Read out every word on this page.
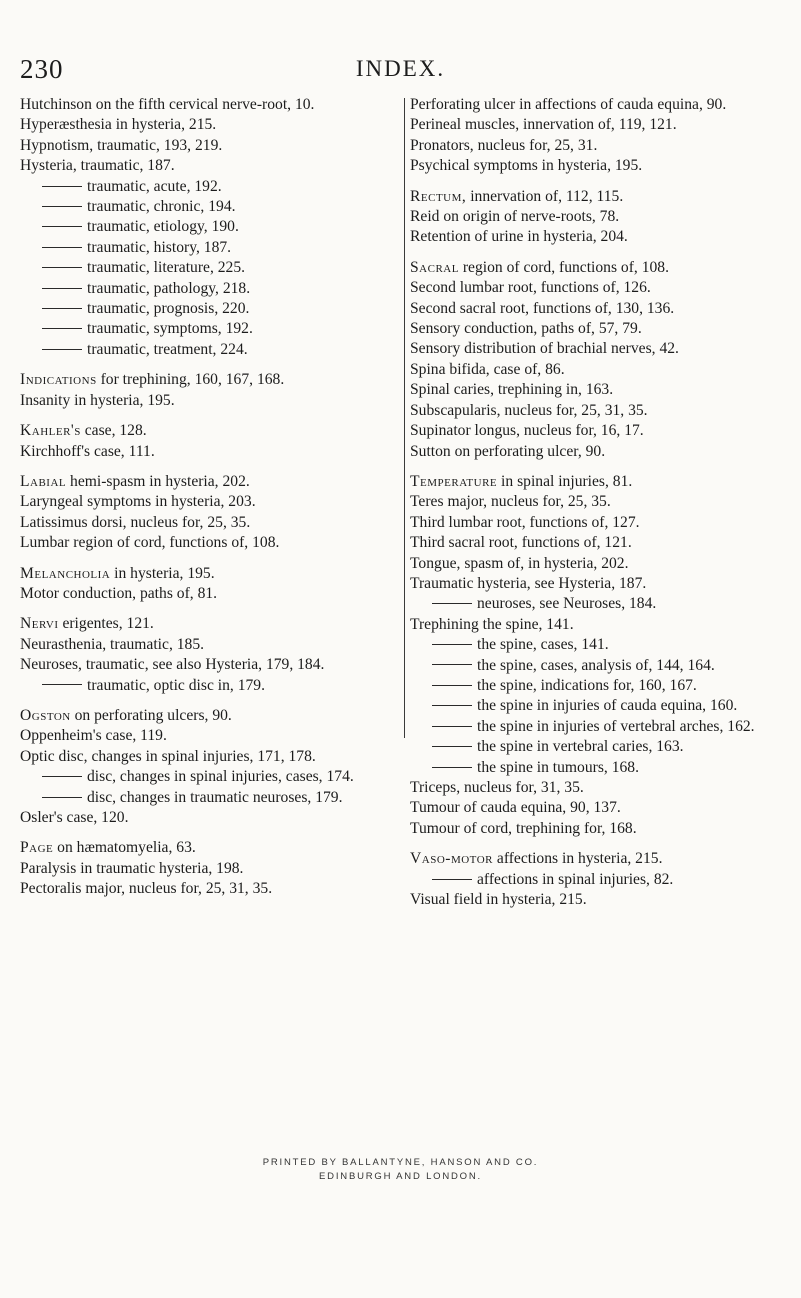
230	INDEX.
Hutchinson on the fifth cervical nerve-root, 10.
Hyperæsthesia in hysteria, 215.
Hypnotism, traumatic, 193, 219.
Hysteria, traumatic, 187.
traumatic, acute, 192.
traumatic, chronic, 194.
traumatic, etiology, 190.
traumatic, history, 187.
traumatic, literature, 225.
traumatic, pathology, 218.
traumatic, prognosis, 220.
traumatic, symptoms, 192.
traumatic, treatment, 224.
Indications for trephining, 160, 167, 168.
Insanity in hysteria, 195.
Kahler's case, 128.
Kirchhoff's case, 111.
Labial hemi-spasm in hysteria, 202.
Laryngeal symptoms in hysteria, 203.
Latissimus dorsi, nucleus for, 25, 35.
Lumbar region of cord, functions of, 108.
Melancholia in hysteria, 195.
Motor conduction, paths of, 81.
Nervi erigentes, 121.
Neurasthenia, traumatic, 185.
Neuroses, traumatic, see also Hysteria, 179, 184.
traumatic, optic disc in, 179.
Ogston on perforating ulcers, 90.
Oppenheim's case, 119.
Optic disc, changes in spinal injuries, 171, 178.
disc, changes in spinal injuries, cases, 174.
disc, changes in traumatic neuroses, 179.
Osler's case, 120.
Page on hæmatomyelia, 63.
Paralysis in traumatic hysteria, 198.
Pectoralis major, nucleus for, 25, 31, 35.
Perforating ulcer in affections of cauda equina, 90.
Perineal muscles, innervation of, 119, 121.
Pronators, nucleus for, 25, 31.
Psychical symptoms in hysteria, 195.
Rectum, innervation of, 112, 115.
Reid on origin of nerve-roots, 78.
Retention of urine in hysteria, 204.
Sacral region of cord, functions of, 108.
Second lumbar root, functions of, 126.
Second sacral root, functions of, 130, 136.
Sensory conduction, paths of, 57, 79.
Sensory distribution of brachial nerves, 42.
Spina bifida, case of, 86.
Spinal caries, trephining in, 163.
Subscapularis, nucleus for, 25, 31, 35.
Supinator longus, nucleus for, 16, 17.
Sutton on perforating ulcer, 90.
Temperature in spinal injuries, 81.
Teres major, nucleus for, 25, 35.
Third lumbar root, functions of, 127.
Third sacral root, functions of, 121.
Tongue, spasm of, in hysteria, 202.
Traumatic hysteria, see Hysteria, 187.
neuroses, see Neuroses, 184.
Trephining the spine, 141.
the spine, cases, 141.
the spine, cases, analysis of, 144, 164.
the spine, indications for, 160, 167.
the spine in injuries of cauda equina, 160.
the spine in injuries of vertebral arches, 162.
the spine in vertebral caries, 163.
the spine in tumours, 168.
Triceps, nucleus for, 31, 35.
Tumour of cauda equina, 90, 137.
Tumour of cord, trephining for, 168.
Vaso-motor affections in hysteria, 215.
affections in spinal injuries, 82.
Visual field in hysteria, 215.
PRINTED BY BALLANTYNE, HANSON AND CO.
EDINBURGH AND LONDON.
